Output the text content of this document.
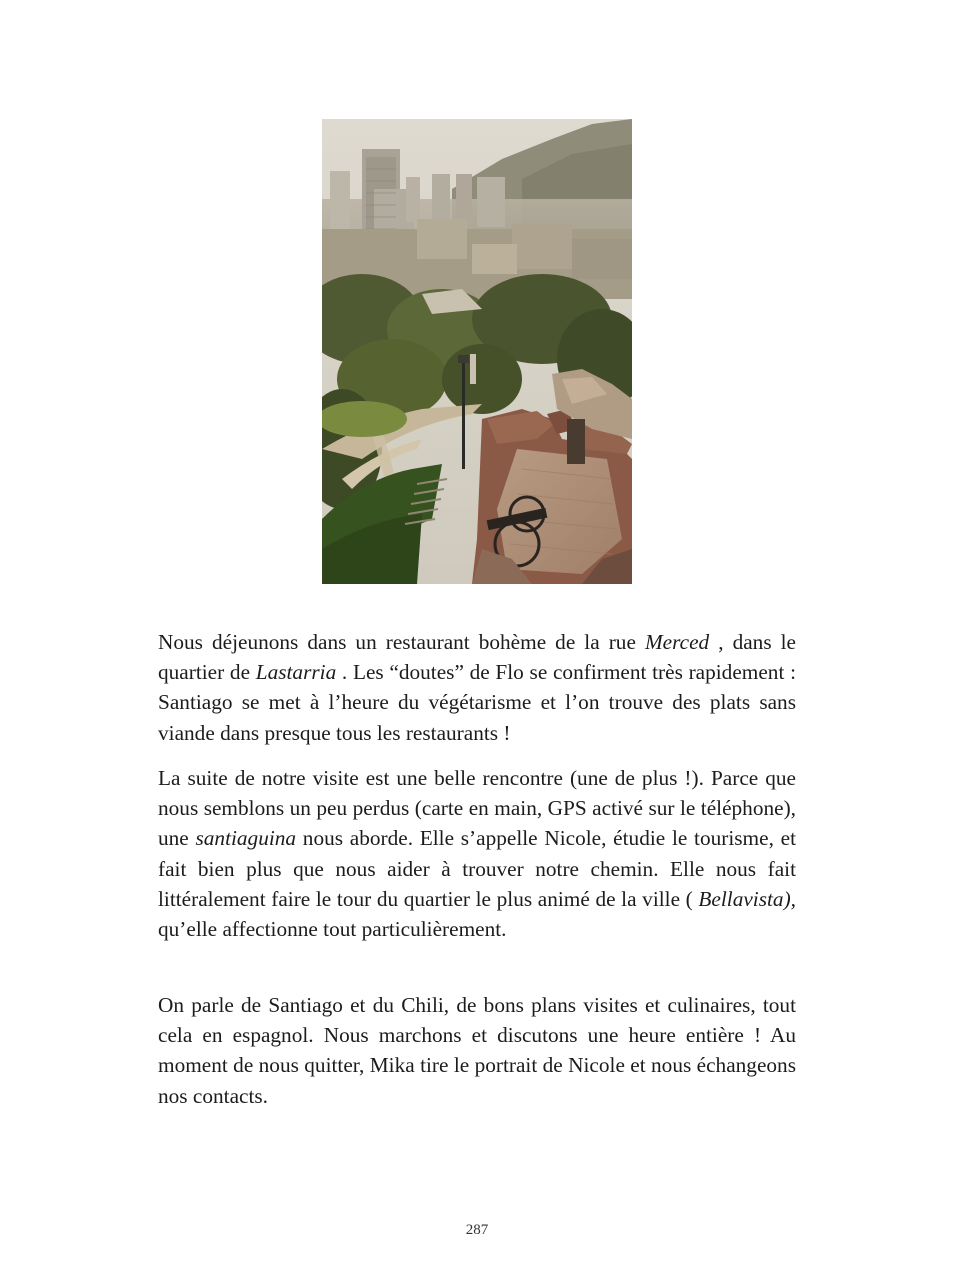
Nous déjeunons dans un restaurant bohème de la rue Merced , dans le quartier de Lastarria . Les “doutes” de Flo se confirment très rapidement : Santiago se met à l’heure du végétarisme et l’on trouve des plats sans viande dans presque tous les restaurants !

La suite de notre visite est une belle rencontre (une de plus !). Parce que nous semblons un peu perdus (carte en main, GPS activé sur le téléphone), une santiaguina nous aborde. Elle s’appelle Nicole, étudie le tourisme, et fait bien plus que nous aider à trouver notre chemin. Elle nous fait littéralement faire le tour du quartier le plus animé de la ville ( Bellavista), qu’elle affectionne tout particulièrement.

On parle de Santiago et du Chili, de bons plans visites et culinaires, tout cela en espagnol. Nous marchons et discutons une heure entière ! Au moment de nous quitter, Mika tire le portrait de Nicole et nous échangeons nos contacts.

287
